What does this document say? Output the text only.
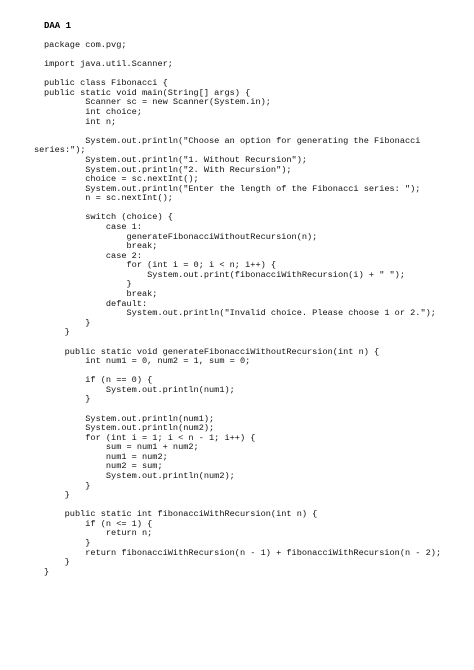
DAA 1
package com.pvg;
import java.util.Scanner;
public class Fibonacci {
public static void main(String[] args) {
Scanner sc = new Scanner(System.in);
int choice;
int n;
System.out.println("Choose an option for generating the Fibonacci
series:");
System.out.println("1. Without Recursion");
System.out.println("2. With Recursion");
choice = sc.nextInt();
System.out.println("Enter the length of the Fibonacci series: ");
n = sc.nextInt();
switch (choice) {
case 1:
generateFibonacciWithoutRecursion(n);
break;
case 2:
for (int i = 0; i < n; i++) {
System.out.print(fibonacciWithRecursion(i) + " ");
}
break;
default:
System.out.println("Invalid choice. Please choose 1 or 2.");
}
}
public static void generateFibonacciWithoutRecursion(int n) {
int num1 = 0, num2 = 1, sum = 0;
if (n == 0) {
System.out.println(num1);
}
System.out.println(num1);
System.out.println(num2);
for (int i = 1; i < n - 1; i++) {
sum = num1 + num2;
num1 = num2;
num2 = sum;
System.out.println(num2);
}
}
public static int fibonacciWithRecursion(int n) {
if (n <= 1) {
return n;
}
return fibonacciWithRecursion(n - 1) + fibonacciWithRecursion(n - 2);
}
}
